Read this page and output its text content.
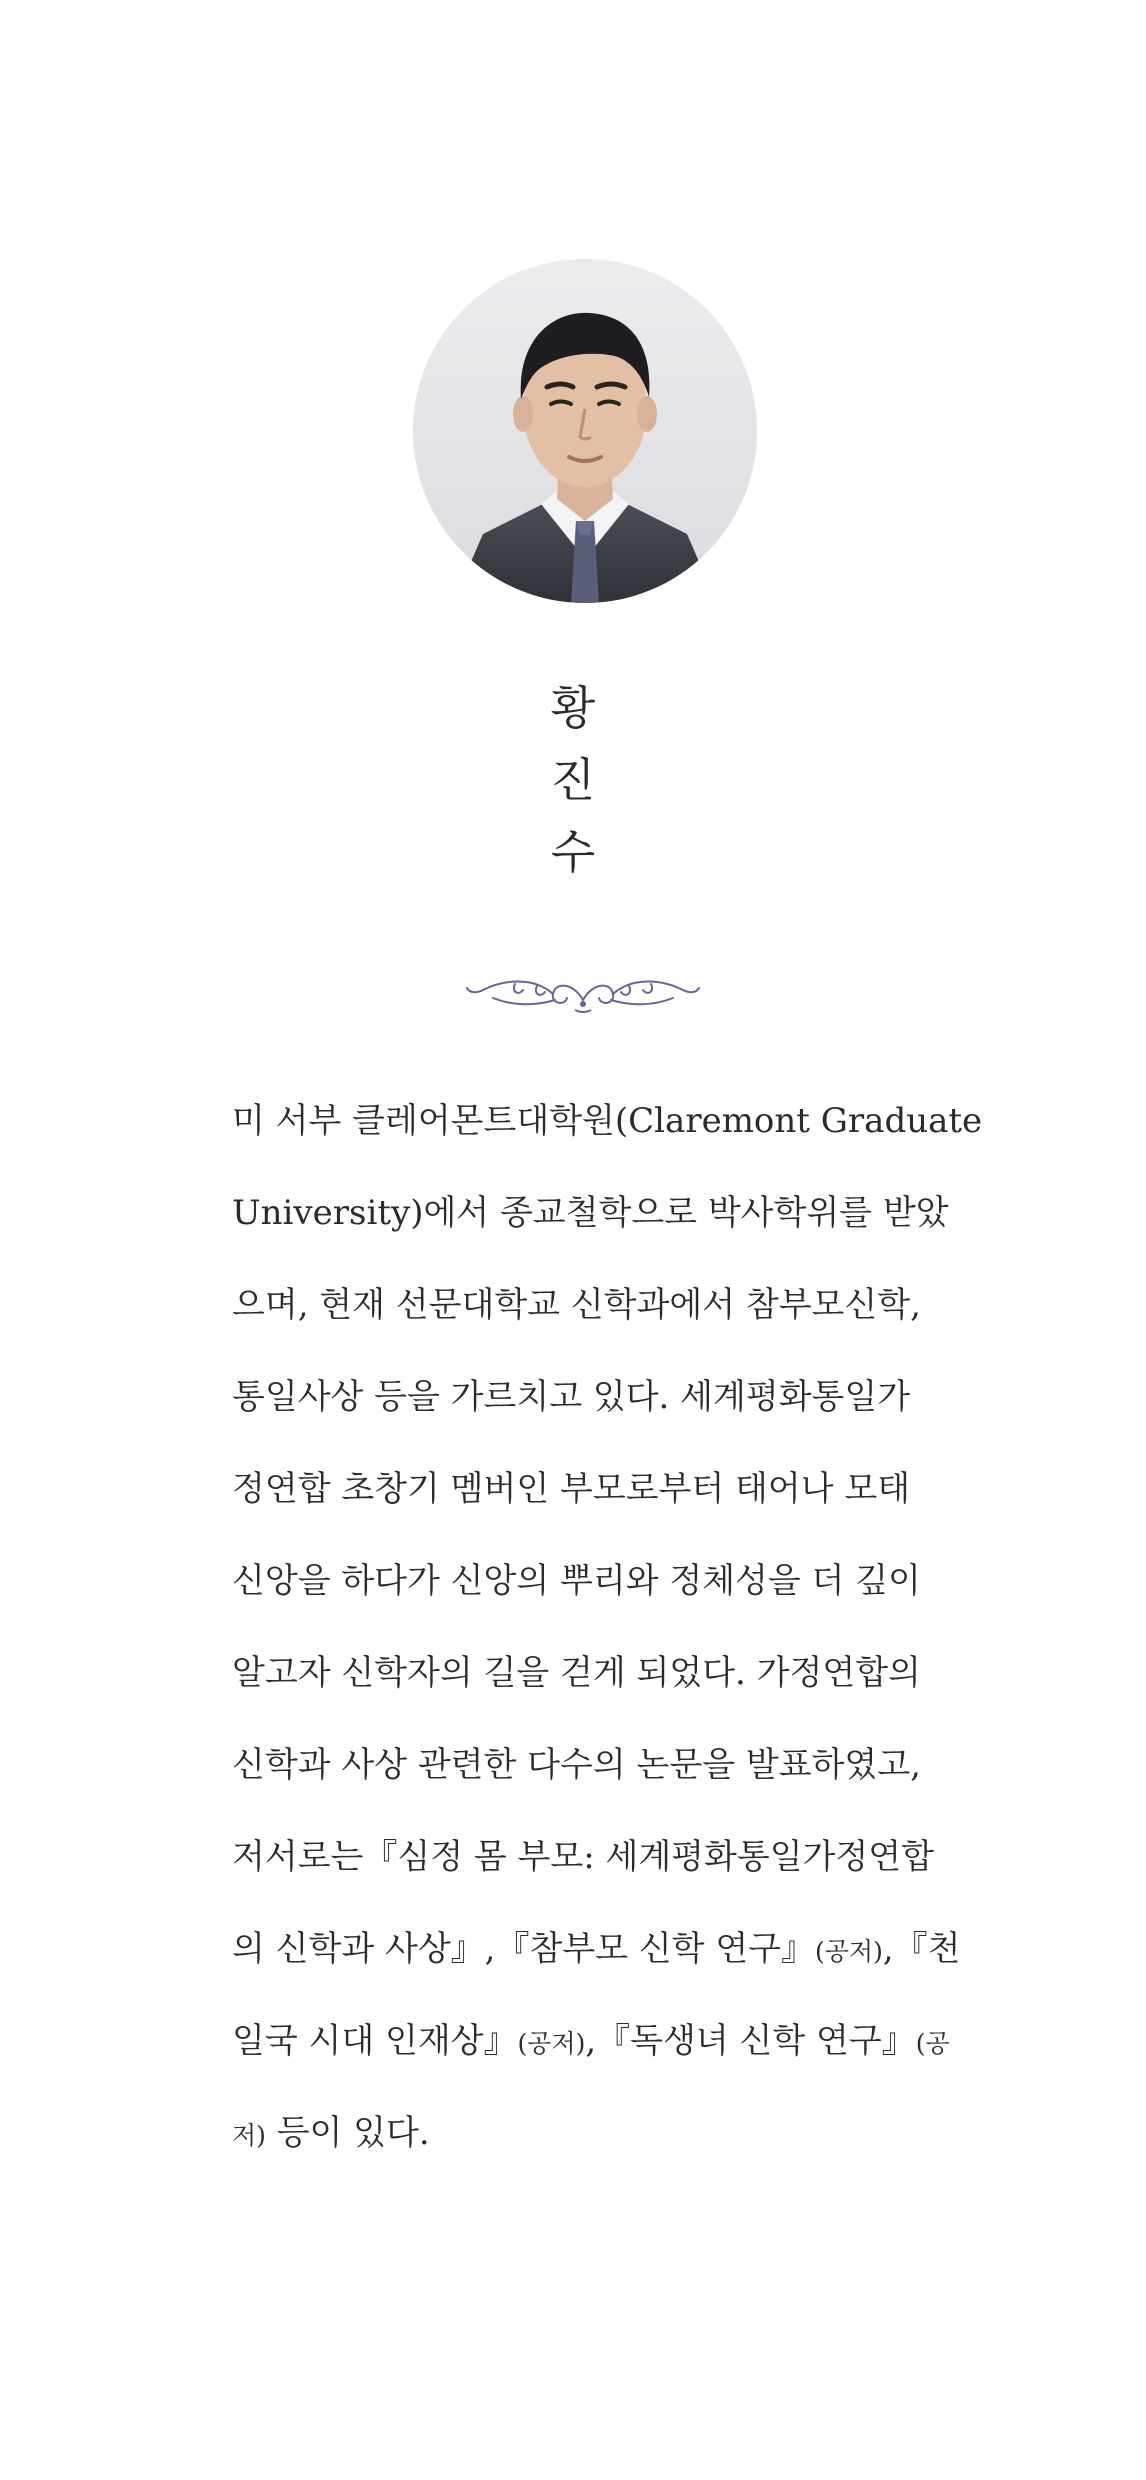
황
진
수
미 서부 클레어몬트대학원(Claremont Graduate
University)에서 종교철학으로 박사학위를 받았
으며, 현재 선문대학교 신학과에서 참부모신학,
통일사상 등을 가르치고 있다. 세계평화통일가
정연합 초창기 멤버인 부모로부터 태어나 모태
신앙을 하다가 신앙의 뿌리와 정체성을 더 깊이
알고자 신학자의 길을 걷게 되었다. 가정연합의
신학과 사상 관련한 다수의 논문을 발표하였고,
저서로는『심정 몸 부모: 세계평화통일가정연합
의 신학과 사상』,『참부모 신학 연구』(공저),『천
일국 시대 인재상』(공저),『독생녀 신학 연구』(공
저) 등이 있다.
